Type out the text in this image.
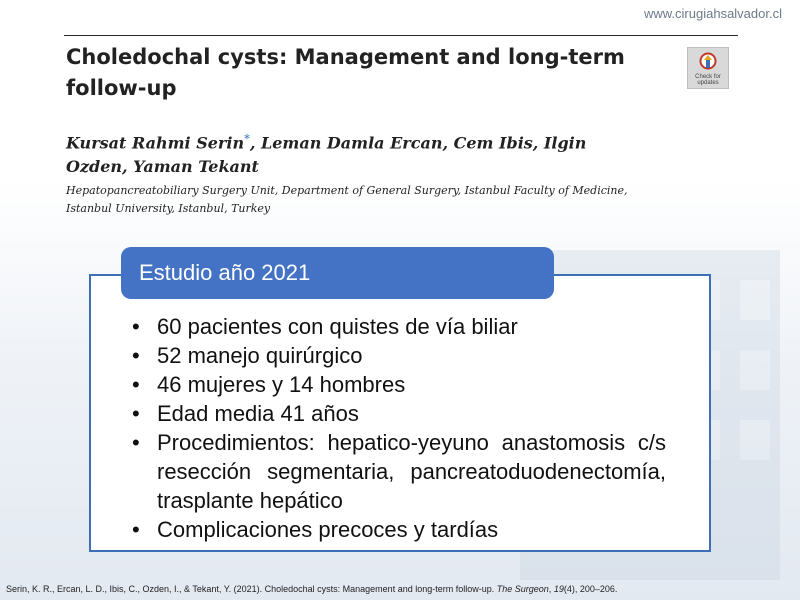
www.cirugiahsalvador.cl
Choledochal cysts: Management and long-term follow-up	Check for
updates
Kursat Rahmi Serin*, Leman Damla Ercan, Cem Ibis, Ilgin Ozden, Yaman Tekant
Hepatopancreatobiliary Surgery Unit, Department of General Surgery, Istanbul Faculty of Medicine, Istanbul University, Istanbul, Turkey
Estudio año 2021
• 60 pacientes con quistes de vía biliar
• 52 manejo quirúrgico
• 46 mujeres y 14 hombres
• Edad media 41 años
• Procedimientos: hepatico-yeyuno anastomosis c/s resección segmentaria, pancreatoduodenectomía, trasplante hepático
• Complicaciones precoces y tardías
Serin, K. R., Ercan, L. D., Ibis, C., Ozden, I., & Tekant, Y. (2021). Choledochal cysts: Management and long-term follow-up. The Surgeon, 19(4), 200–206.
